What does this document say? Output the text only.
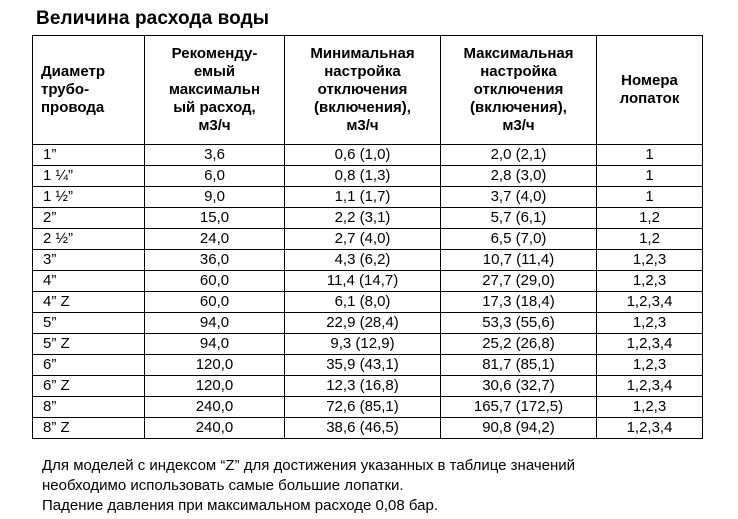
Величина расхода воды
Диаметр
трубо-
провода	Рекоменду-
емый
максимальн
ый расход,
м3/ч	Минимальная
настройка
отключения
(включения),
м3/ч	Максимальная
настройка
отключения
(включения),
м3/ч	Номера
лопаток

1”	3,6	0,6 (1,0)	2,0 (2,1)	1
1 ¼”	6,0	0,8 (1,3)	2,8 (3,0)	1
1 ½”	9,0	1,1 (1,7)	3,7 (4,0)	1
2”	15,0	2,2 (3,1)	5,7 (6,1)	1,2
2 ½”	24,0	2,7 (4,0)	6,5 (7,0)	1,2
3”	36,0	4,3 (6,2)	10,7 (11,4)	1,2,3
4”	60,0	11,4 (14,7)	27,7 (29,0)	1,2,3
4” Z	60,0	6,1 (8,0)	17,3 (18,4)	1,2,3,4
5”	94,0	22,9 (28,4)	53,3 (55,6)	1,2,3
5” Z	94,0	9,3 (12,9)	25,2 (26,8)	1,2,3,4
6”	120,0	35,9 (43,1)	81,7 (85,1)	1,2,3
6” Z	120,0	12,3 (16,8)	30,6 (32,7)	1,2,3,4
8”	240,0	72,6 (85,1)	165,7 (172,5)	1,2,3
8” Z	240,0	38,6 (46,5)	90,8 (94,2)	1,2,3,4
Для моделей с индексом “Z” для достижения указанных в таблице значений
необходимо использовать самые большие лопатки.
Падение давления при максимальном расходе 0,08 бар.
